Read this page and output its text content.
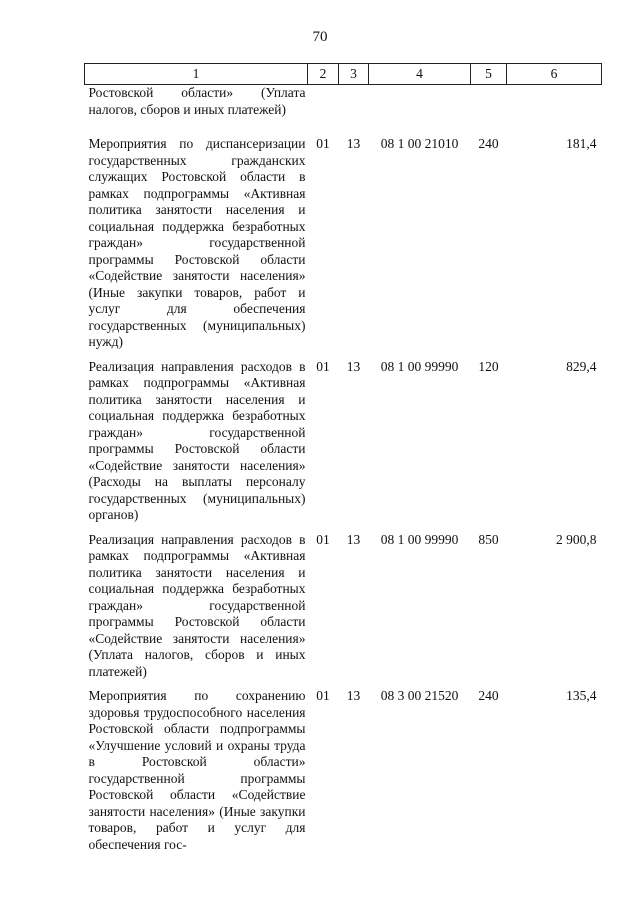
70
1	2	3	4	5	6
Ростовской области» (Уплата налогов, сборов и иных платежей)					
Мероприятия по диспансеризации государственных гражданских служащих Ростовской области в рамках подпрограммы «Активная политика занятости населения и социальная поддержка безработных граждан» государственной программы Ростовской области «Содействие занятости населения» (Иные закупки товаров, работ и услуг для обеспечения государственных (муниципальных) нужд)	01	13	08 1 00 21010	240	181,4
Реализация направления расходов в рамках подпрограммы «Активная политика занятости населения и социальная поддержка безработных граждан» государственной программы Ростовской области «Содействие занятости населения» (Расходы на выплаты персоналу государственных (муниципальных) органов)	01	13	08 1 00 99990	120	829,4
Реализация направления расходов в рамках подпрограммы «Активная политика занятости населения и социальная поддержка безработных граждан» государственной программы Ростовской области «Содействие занятости населения» (Уплата налогов, сборов и иных платежей)	01	13	08 1 00 99990	850	2 900,8
Мероприятия по сохранению здоровья трудоспособного населения Ростовской области подпрограммы «Улучшение условий и охраны труда в Ростовской области» государственной программы Ростовской области «Содействие занятости населения» (Иные закупки товаров, работ и услуг для обеспечения гос-	01	13	08 3 00 21520	240	135,4
